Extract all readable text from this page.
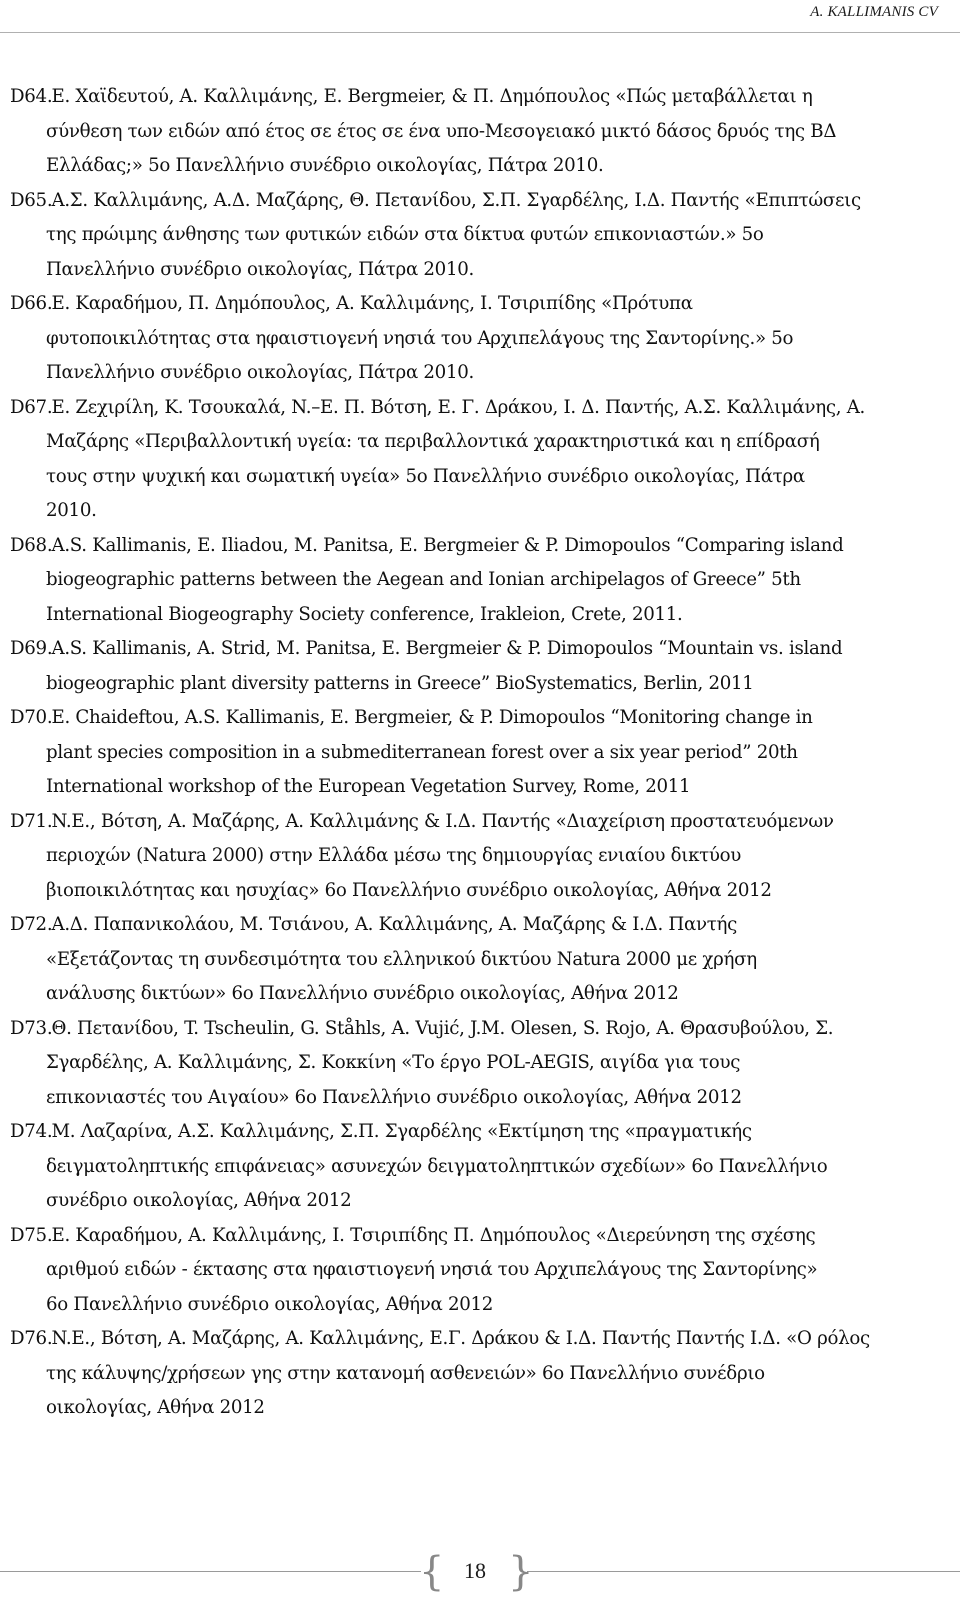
A. KALLIMANIS CV
D64. E. Χαϊδευτού, Α. Καλλιμάνης, E. Bergmeier, & Π. Δημόπουλος «Πώς μεταβάλλεται η
σύνθεση των ειδών από έτος σε έτος σε ένα υπο-Μεσογειακό μικτό δάσος δρυός της ΒΔ
Ελλάδας;» 5ο Πανελλήνιο συνέδριο οικολογίας, Πάτρα 2010.
D65. Α.Σ. Καλλιμάνης, Α.Δ. Μαζάρης, Θ. Πετανίδου, Σ.Π. Σγαρδέλης, Ι.Δ. Παντής «Επιπτώσεις
της πρώιμης άνθησης των φυτικών ειδών στα δίκτυα φυτών επικονιαστών.» 5ο
Πανελλήνιο συνέδριο οικολογίας, Πάτρα 2010.
D66. Ε. Καραδήμου, Π. Δημόπουλος, Α. Καλλιμάνης, Ι. Τσιριπίδης «Πρότυπα
φυτοποικιλότητας στα ηφαιστιογενή νησιά του Αρχιπελάγους της Σαντορίνης.» 5ο
Πανελλήνιο συνέδριο οικολογίας, Πάτρα 2010.
D67. Ε. Ζεχιρίλη, Κ. Τσουκαλά, N.–Ε. Π. Βότση, Ε. Γ. Δράκου, Ι. Δ. Παντής, Α.Σ. Καλλιμάνης, Α.
Μαζάρης «Περιβαλλοντική υγεία: τα περιβαλλοντικά χαρακτηριστικά και η επίδρασή
τους στην ψυχική και σωματική υγεία» 5ο Πανελλήνιο συνέδριο οικολογίας, Πάτρα
2010.
D68. A.S. Kallimanis, E. Iliadou, M. Panitsa, E. Bergmeier & P. Dimopoulos “Comparing island
biogeographic patterns between the Aegean and Ionian archipelagos of Greece” 5th
International Biogeography Society conference, Irakleion, Crete, 2011.
D69. A.S. Kallimanis, A. Strid, M. Panitsa, E. Bergmeier & P. Dimopoulos “Mountain vs. island
biogeographic plant diversity patterns in Greece” BioSystematics, Berlin, 2011
D70. E. Chaideftou, A.S. Kallimanis, E. Bergmeier, & P. Dimopoulos “Monitoring change in
plant species composition in a submediterranean forest over a six year period” 20th
International workshop of the European Vegetation Survey, Rome, 2011
D71. N.E., Βότση, Α. Μαζάρης, Α. Καλλιμάνης & Ι.Δ. Παντής «Διαχείριση προστατευόμενων
περιοχών (Natura 2000) στην Ελλάδα μέσω της δημιουργίας ενιαίου δικτύου
βιοποικιλότητας και ησυχίας» 6ο Πανελλήνιο συνέδριο οικολογίας, Αθήνα 2012
D72. Α.Δ. Παπανικολάου, Μ. Τσιάνου, Α. Καλλιμάνης, Α. Μαζάρης & Ι.Δ. Παντής
«Εξετάζοντας τη συνδεσιμότητα του ελληνικού δικτύου Natura 2000 με χρήση
ανάλυσης δικτύων» 6ο Πανελλήνιο συνέδριο οικολογίας, Αθήνα 2012
D73. Θ. Πετανίδου, T. Tscheulin, G. Ståhls, A. Vujić, J.M. Olesen, S. Rojo, Α. Θρασυβούλου, Σ.
Σγαρδέλης, Α. Καλλιμάνης, Σ. Κοκκίνη «Το έργο POL-AEGIS, αιγίδα για τους
επικονιαστές του Αιγαίου» 6ο Πανελλήνιο συνέδριο οικολογίας, Αθήνα 2012
D74. Μ. Λαζαρίνα, Α.Σ. Καλλιμάνης, Σ.Π. Σγαρδέλης «Εκτίμηση της «πραγματικής
δειγματοληπτικής επιφάνειας» ασυνεχών δειγματοληπτικών σχεδίων» 6ο Πανελλήνιο
συνέδριο οικολογίας, Αθήνα 2012
D75. Ε. Καραδήμου, Α. Καλλιμάνης, Ι. Τσιριπίδης Π. Δημόπουλος «Διερεύνηση της σχέσης
αριθμού ειδών - έκτασης στα ηφαιστιογενή νησιά του Αρχιπελάγους της Σαντορίνης»
6ο Πανελλήνιο συνέδριο οικολογίας, Αθήνα 2012
D76. N.E., Βότση, Α. Μαζάρης, Α. Καλλιμάνης, Ε.Γ. Δράκου & Ι.Δ. Παντής Παντής Ι.Δ. «Ο ρόλος
της κάλυψης/χρήσεων γης στην κατανομή ασθενειών» 6ο Πανελλήνιο συνέδριο
οικολογίας, Αθήνα 2012
{ 18 }
